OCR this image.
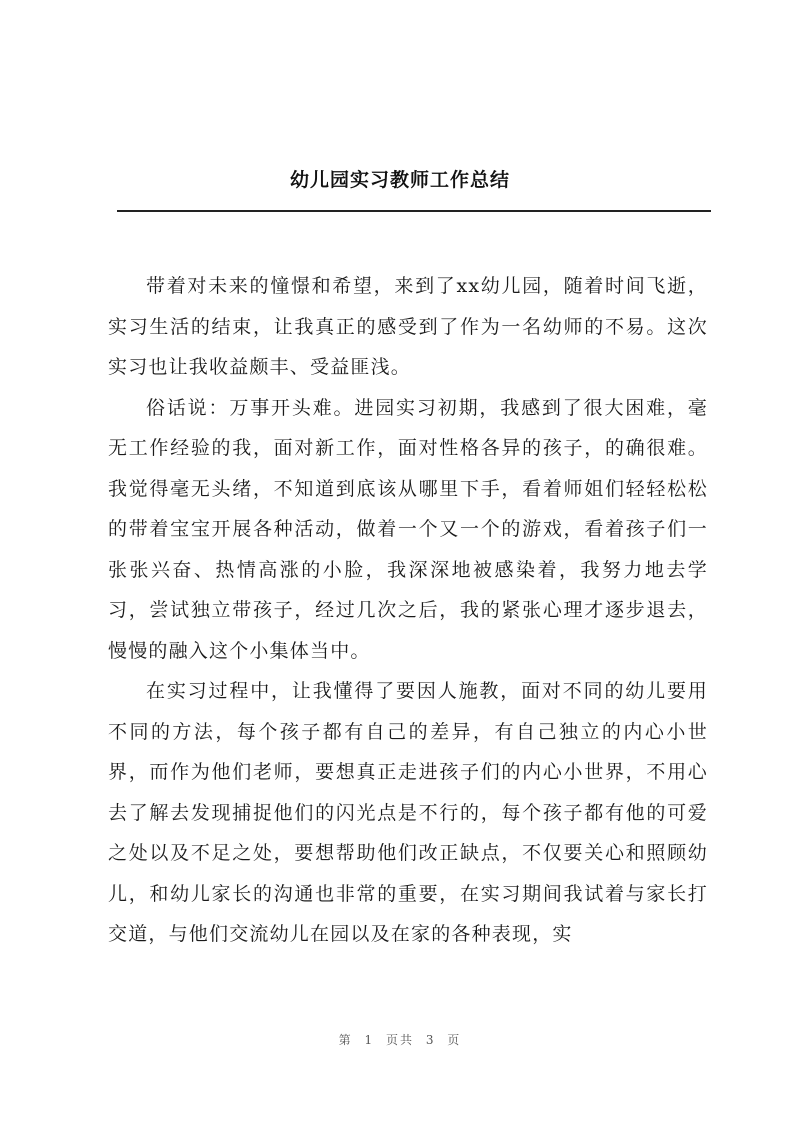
幼儿园实习教师工作总结

带着对未来的憧憬和希望，来到了xx幼儿园，随着时间飞逝，实习生活的结束，让我真正的感受到了作为一名幼师的不易。这次实习也让我收益颇丰、受益匪浅。

俗话说：万事开头难。进园实习初期，我感到了很大困难，毫无工作经验的我，面对新工作，面对性格各异的孩子，的确很难。我觉得毫无头绪，不知道到底该从哪里下手，看着师姐们轻轻松松的带着宝宝开展各种活动，做着一个又一个的游戏，看着孩子们一张张兴奋、热情高涨的小脸，我深深地被感染着，我努力地去学习，尝试独立带孩子，经过几次之后，我的紧张心理才逐步退去，慢慢的融入这个小集体当中。

在实习过程中，让我懂得了要因人施教，面对不同的幼儿要用不同的方法，每个孩子都有自己的差异，有自己独立的内心小世界，而作为他们老师，要想真正走进孩子们的内心小世界，不用心去了解去发现捕捉他们的闪光点是不行的，每个孩子都有他的可爱之处以及不足之处，要想帮助他们改正缺点，不仅要关心和照顾幼儿，和幼儿家长的沟通也非常的重要，在实习期间我试着与家长打交道，与他们交流幼儿在园以及在家的各种表现，实

第 1 页共 3 页
